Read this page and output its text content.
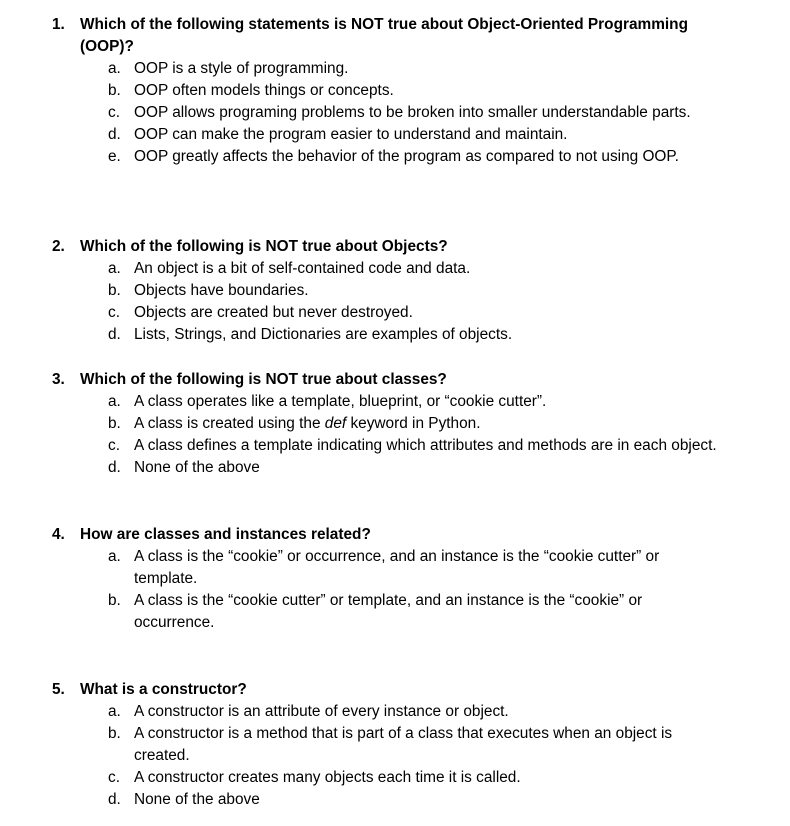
1. Which of the following statements is NOT true about Object-Oriented Programming (OOP)?
a. OOP is a style of programming.
b. OOP often models things or concepts.
c. OOP allows programing problems to be broken into smaller understandable parts.
d. OOP can make the program easier to understand and maintain.
e. OOP greatly affects the behavior of the program as compared to not using OOP.
2. Which of the following is NOT true about Objects?
a. An object is a bit of self-contained code and data.
b. Objects have boundaries.
c. Objects are created but never destroyed.
d. Lists, Strings, and Dictionaries are examples of objects.
3. Which of the following is NOT true about classes?
a. A class operates like a template, blueprint, or “cookie cutter”.
b. A class is created using the def keyword in Python.
c. A class defines a template indicating which attributes and methods are in each object.
d. None of the above
4. How are classes and instances related?
a. A class is the “cookie” or occurrence, and an instance is the “cookie cutter” or template.
b. A class is the “cookie cutter” or template, and an instance is the “cookie” or occurrence.
5. What is a constructor?
a. A constructor is an attribute of every instance or object.
b. A constructor is a method that is part of a class that executes when an object is created.
c. A constructor creates many objects each time it is called.
d. None of the above
